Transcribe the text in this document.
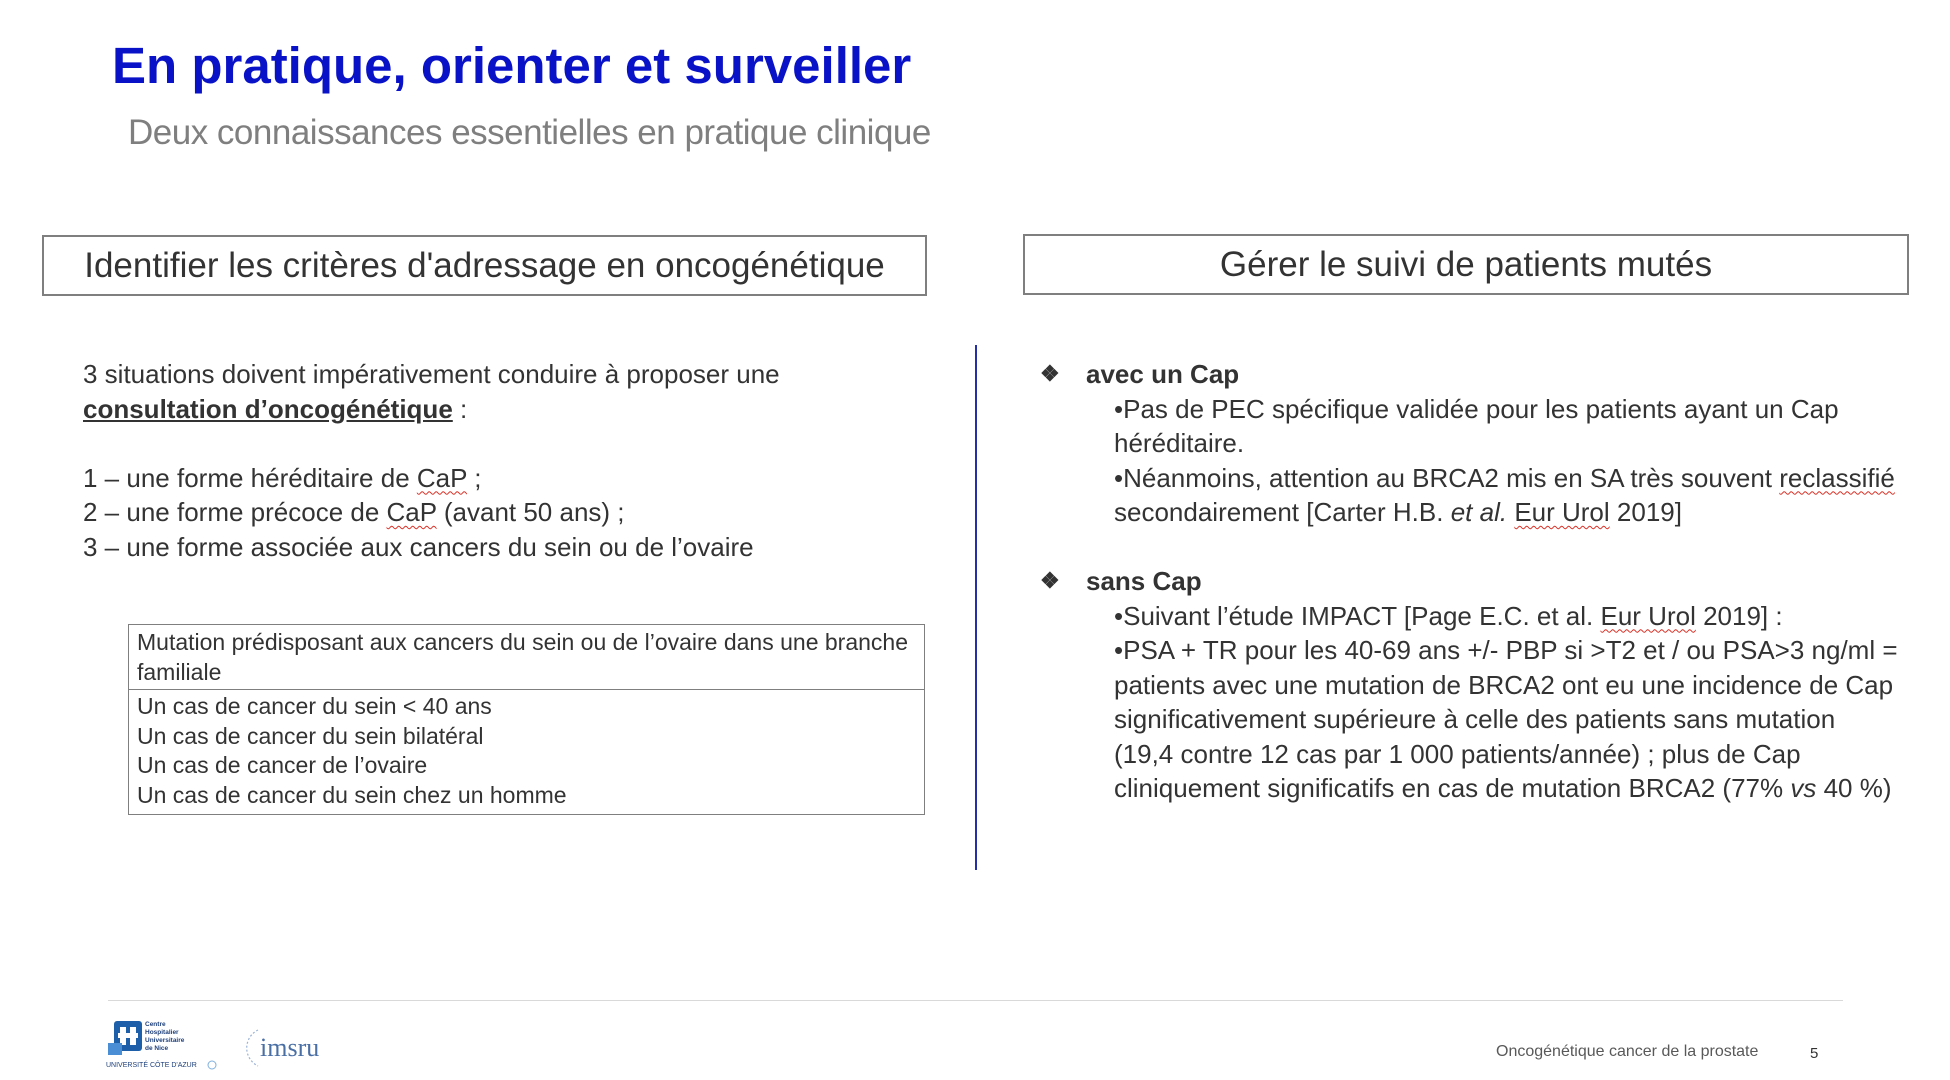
En pratique, orienter et surveiller
Deux connaissances essentielles en pratique clinique
Identifier les critères d'adressage en oncogénétique	Gérer le suivi de patients mutés
3 situations doivent impérativement conduire à proposer une
consultation d’oncogénétique :
1 – une forme héréditaire de CaP ;
2 – une forme précoce de CaP (avant 50 ans) ;
3 – une forme associée aux cancers du sein ou de l’ovaire
Mutation prédisposant aux cancers du sein ou de l’ovaire dans une branche familiale
Un cas de cancer du sein < 40 ans
Un cas de cancer du sein bilatéral
Un cas de cancer de l’ovaire
Un cas de cancer du sein chez un homme
❖	avec un Cap
•Pas de PEC spécifique validée pour les patients ayant un Cap héréditaire.
•Néanmoins, attention au BRCA2 mis en SA très souvent reclassifié secondairement [Carter H.B. et al. Eur Urol 2019]
❖	sans Cap
•Suivant l’étude IMPACT [Page E.C. et al. Eur Urol 2019] :
•PSA + TR pour les 40-69 ans +/- PBP si >T2 et / ou PSA>3 ng/ml = patients avec une mutation de BRCA2 ont eu une incidence de Cap significativement supérieure à celle des patients sans mutation (19,4 contre 12 cas par 1 000 patients/année) ; plus de Cap cliniquement significatifs en cas de mutation BRCA2 (77% vs 40 %)
Centre
Hospitalier
Universitaire
de Nice
UNIVERSITÉ CÔTE D'AZUR
imsru	Oncogénétique cancer de la prostate	5
